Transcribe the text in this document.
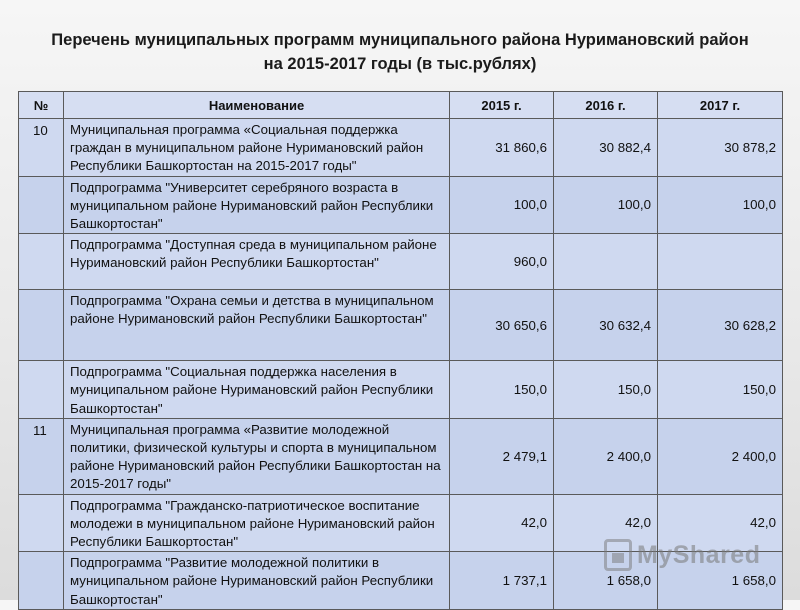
Перечень муниципальных программ муниципального района Нуримановский район
на 2015-2017 годы (в тыс.рублях)
№	Наименование	2015 г.	2016 г.	2017 г.
10	Муниципальная программа «Социальная поддержка граждан в муниципальном районе Нуримановский район Республики Башкортостан на 2015-2017 годы"	31 860,6	30 882,4	30 878,2
	Подпрограмма "Университет серебряного возраста в муниципальном районе Нуримановский район Республики Башкортостан"	100,0	100,0	100,0
	Подпрограмма "Доступная среда в муниципальном районе Нуримановский район Республики Башкортостан"	960,0		
	Подпрограмма "Охрана семьи и детства в муниципальном районе Нуримановский район Республики Башкортостан"	30 650,6	30 632,4	30 628,2
	Подпрограмма "Социальная поддержка населения в муниципальном районе Нуримановский район Республики Башкортостан"	150,0	150,0	150,0
11	Муниципальная программа «Развитие молодежной политики, физической культуры и спорта в муниципальном районе Нуримановский район Республики Башкортостан на 2015-2017 годы"	2 479,1	2 400,0	2 400,0
	Подпрограмма "Гражданско-патриотическое воспитание молодежи в муниципальном районе Нуримановский район Республики Башкортостан"	42,0	42,0	42,0
	Подпрограмма "Развитие молодежной политики в муниципальном районе Нуримановский район Республики Башкортостан"	1 737,1	1 658,0	1 658,0
MyShared
